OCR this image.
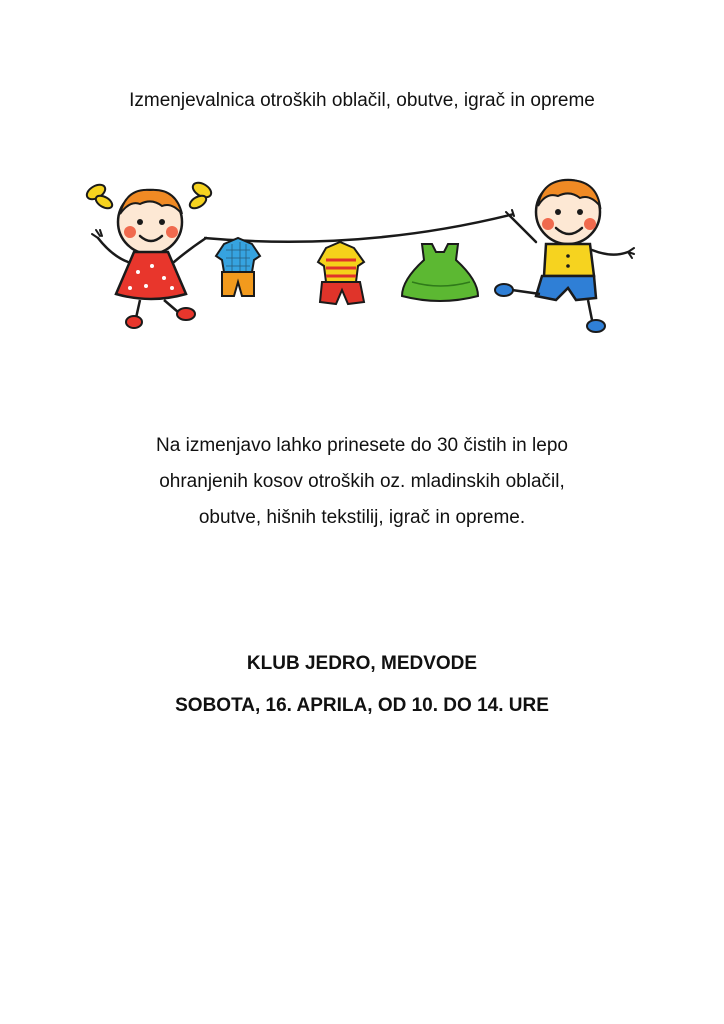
Izmenjevalnica otroških oblačil, obutve, igrač in opreme

Na izmenjavo lahko prinesete do 30 čistih in lepo
ohranjenih kosov otroških oz. mladinskih oblačil,
obutve, hišnih tekstilij, igrač in opreme.

KLUB JEDRO, MEDVODE

SOBOTA, 16. APRILA, OD 10. DO 14. URE
